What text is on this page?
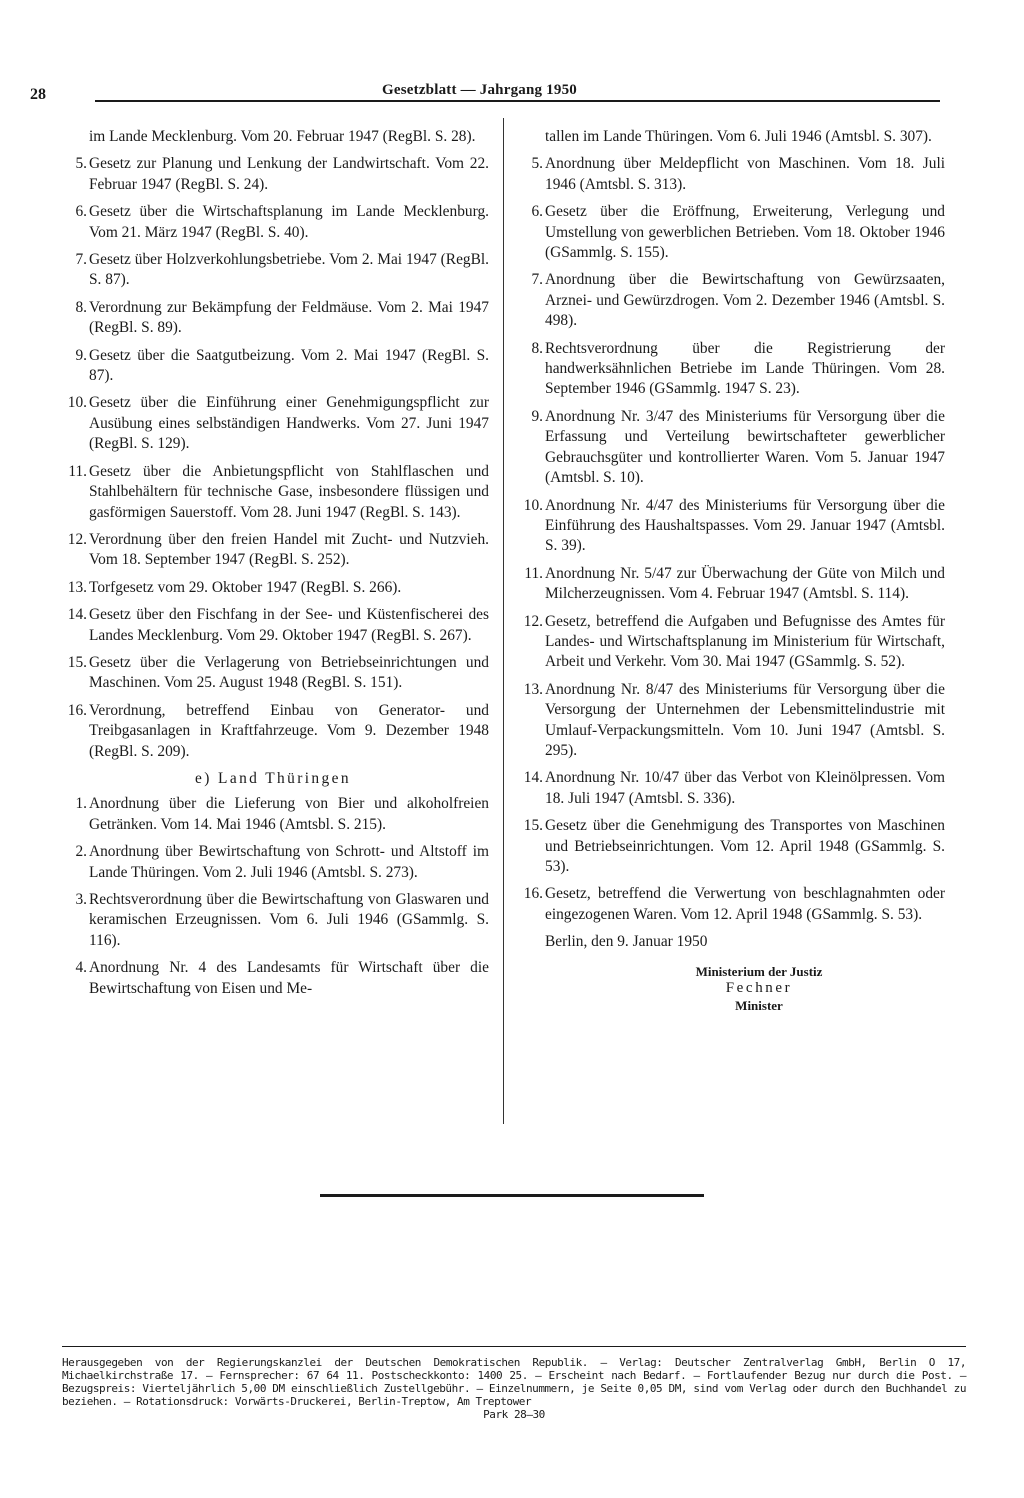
28	Gesetzblatt — Jahrgang 1950
im Lande Mecklenburg. Vom 20. Februar 1947 (RegBl. S. 28).
5. Gesetz zur Planung und Lenkung der Landwirtschaft. Vom 22. Februar 1947 (RegBl. S. 24).
6. Gesetz über die Wirtschaftsplanung im Lande Mecklenburg. Vom 21. März 1947 (RegBl. S. 40).
7. Gesetz über Holzverkohlungsbetriebe. Vom 2. Mai 1947 (RegBl. S. 87).
8. Verordnung zur Bekämpfung der Feldmäuse. Vom 2. Mai 1947 (RegBl. S. 89).
9. Gesetz über die Saatgutbeizung. Vom 2. Mai 1947 (RegBl. S. 87).
10. Gesetz über die Einführung einer Genehmigungspflicht zur Ausübung eines selbständigen Handwerks. Vom 27. Juni 1947 (RegBl. S. 129).
11. Gesetz über die Anbietungspflicht von Stahlflaschen und Stahlbehältern für technische Gase, insbesondere flüssigen und gasförmigen Sauerstoff. Vom 28. Juni 1947 (RegBl. S. 143).
12. Verordnung über den freien Handel mit Zucht- und Nutzvieh. Vom 18. September 1947 (RegBl. S. 252).
13. Torfgesetz vom 29. Oktober 1947 (RegBl. S. 266).
14. Gesetz über den Fischfang in der See- und Küstenfischerei des Landes Mecklenburg. Vom 29. Oktober 1947 (RegBl. S. 267).
15. Gesetz über die Verlagerung von Betriebseinrichtungen und Maschinen. Vom 25. August 1948 (RegBl. S. 151).
16. Verordnung, betreffend Einbau von Generator- und Treibgasanlagen in Kraftfahrzeuge. Vom 9. Dezember 1948 (RegBl. S. 209).
e) Land Thüringen
1. Anordnung über die Lieferung von Bier und alkoholfreien Getränken. Vom 14. Mai 1946 (Amtsbl. S. 215).
2. Anordnung über Bewirtschaftung von Schrott- und Altstoff im Lande Thüringen. Vom 2. Juli 1946 (Amtsbl. S. 273).
3. Rechtsverordnung über die Bewirtschaftung von Glaswaren und keramischen Erzeugnissen. Vom 6. Juli 1946 (GSammlg. S. 116).
4. Anordnung Nr. 4 des Landesamts für Wirtschaft über die Bewirtschaftung von Eisen und Me-
tallen im Lande Thüringen. Vom 6. Juli 1946 (Amtsbl. S. 307).
5. Anordnung über Meldepflicht von Maschinen. Vom 18. Juli 1946 (Amtsbl. S. 313).
6. Gesetz über die Eröffnung, Erweiterung, Verlegung und Umstellung von gewerblichen Betrieben. Vom 18. Oktober 1946 (GSammlg. S. 155).
7. Anordnung über die Bewirtschaftung von Gewürzsaaten, Arznei- und Gewürzdrogen. Vom 2. Dezember 1946 (Amtsbl. S. 498).
8. Rechtsverordnung über die Registrierung der handwerksähnlichen Betriebe im Lande Thüringen. Vom 28. September 1946 (GSammlg. 1947 S. 23).
9. Anordnung Nr. 3/47 des Ministeriums für Versorgung über die Erfassung und Verteilung bewirtschafteter gewerblicher Gebrauchsgüter und kontrollierter Waren. Vom 5. Januar 1947 (Amtsbl. S. 10).
10. Anordnung Nr. 4/47 des Ministeriums für Versorgung über die Einführung des Haushaltspasses. Vom 29. Januar 1947 (Amtsbl. S. 39).
11. Anordnung Nr. 5/47 zur Überwachung der Güte von Milch und Milcherzeugnissen. Vom 4. Februar 1947 (Amtsbl. S. 114).
12. Gesetz, betreffend die Aufgaben und Befugnisse des Amtes für Landes- und Wirtschaftsplanung im Ministerium für Wirtschaft, Arbeit und Verkehr. Vom 30. Mai 1947 (GSammlg. S. 52).
13. Anordnung Nr. 8/47 des Ministeriums für Versorgung über die Versorgung der Unternehmen der Lebensmittelindustrie mit Umlauf-Verpackungsmitteln. Vom 10. Juni 1947 (Amtsbl. S. 295).
14. Anordnung Nr. 10/47 über das Verbot von Kleinölpressen. Vom 18. Juli 1947 (Amtsbl. S. 336).
15. Gesetz über die Genehmigung des Transportes von Maschinen und Betriebseinrichtungen. Vom 12. April 1948 (GSammlg. S. 53).
16. Gesetz, betreffend die Verwertung von beschlagnahmten oder eingezogenen Waren. Vom 12. April 1948 (GSammlg. S. 53).
Berlin, den 9. Januar 1950
Ministerium der Justiz
Fechner
Minister
Herausgegeben von der Regierungskanzlei der Deutschen Demokratischen Republik. — Verlag: Deutscher Zentralverlag GmbH, Berlin O 17, Michaelkirchstraße 17. — Fernsprecher: 67 64 11. Postscheckkonto: 1400 25. — Erscheint nach Bedarf. — Fortlaufender Bezug nur durch die Post. — Bezugspreis: Vierteljährlich 5,00 DM einschließlich Zustellgebühr. — Einzelnummern, je Seite 0,05 DM, sind vom Verlag oder durch den Buchhandel zu beziehen. — Rotationsdruck: Vorwärts-Druckerei, Berlin-Treptow, Am Treptower
Park 28—30
